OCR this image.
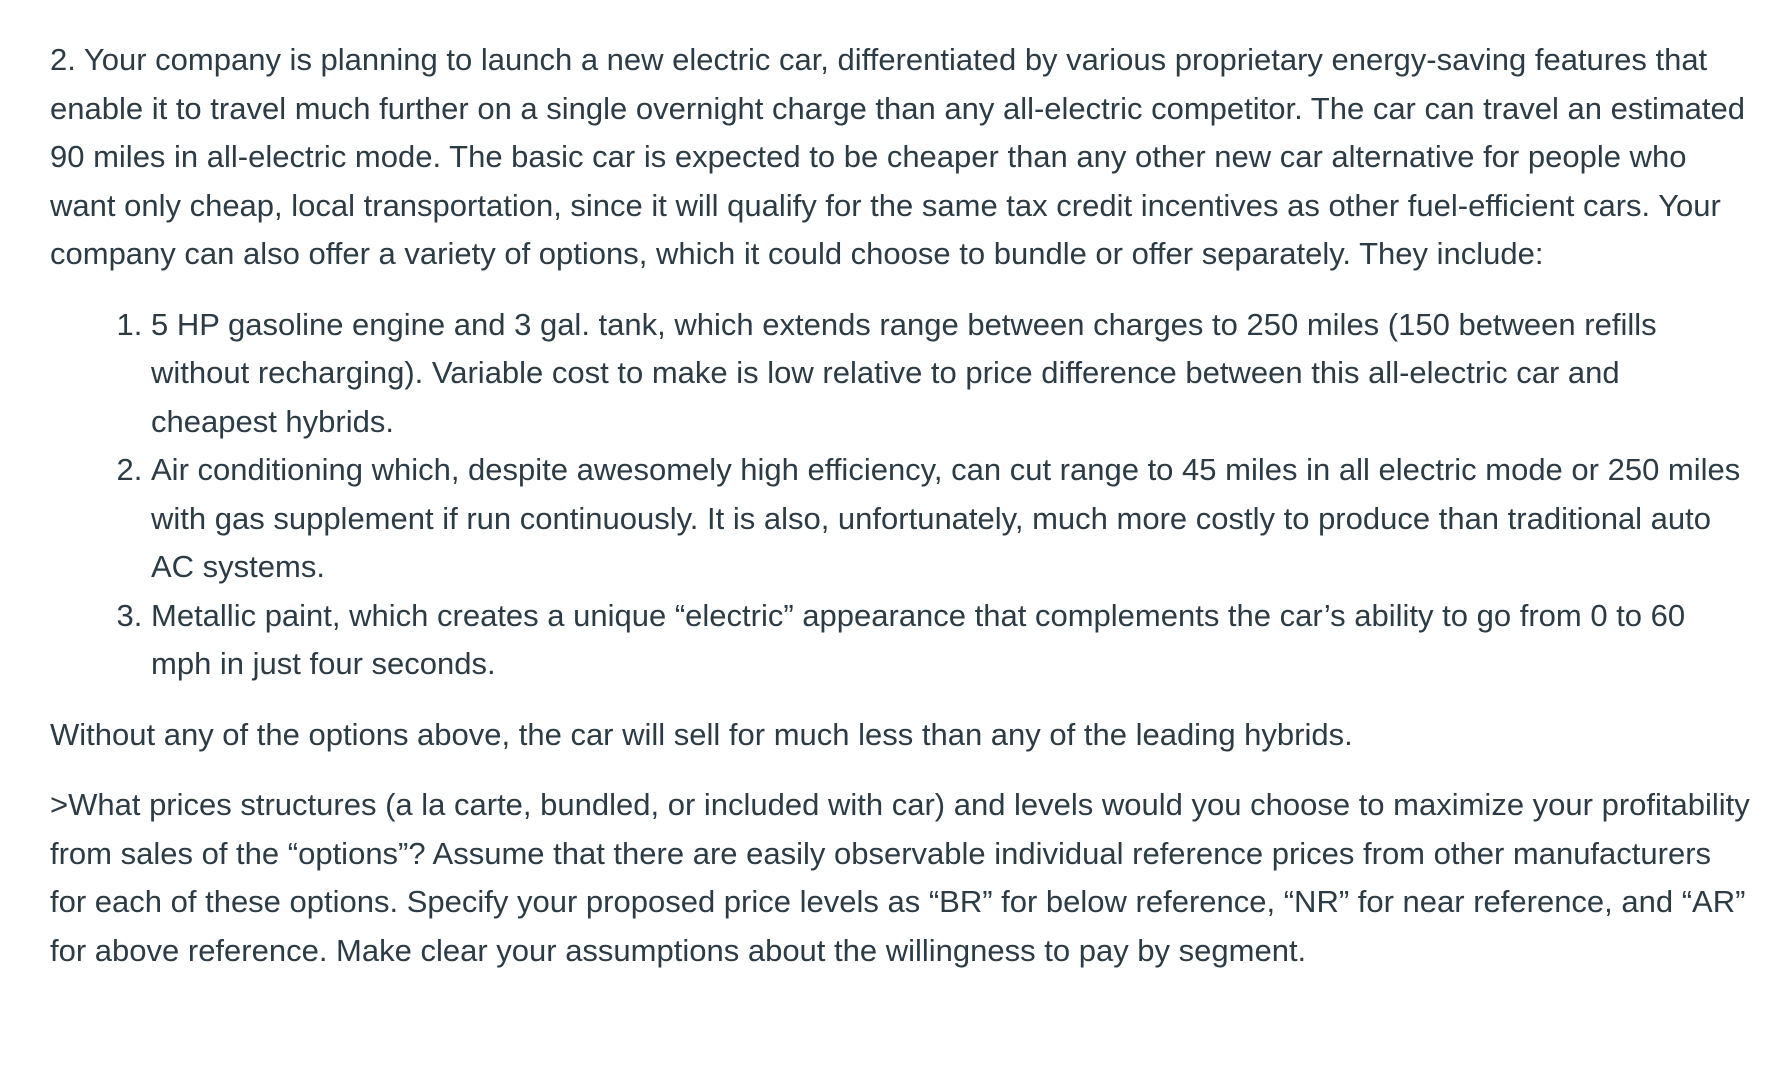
2. Your company is planning to launch a new electric car, differentiated by various proprietary energy-saving features that enable it to travel much further on a single overnight charge than any all-electric competitor. The car can travel an estimated 90 miles in all-electric mode. The basic car is expected to be cheaper than any other new car alternative for people who want only cheap, local transportation, since it will qualify for the same tax credit incentives as other fuel-efficient cars. Your company can also offer a variety of options, which it could choose to bundle or offer separately. They include:

1. 5 HP gasoline engine and 3 gal. tank, which extends range between charges to 250 miles (150 between refills without recharging). Variable cost to make is low relative to price difference between this all-electric car and cheapest hybrids.
2. Air conditioning which, despite awesomely high efficiency, can cut range to 45 miles in all electric mode or 250 miles with gas supplement if run continuously. It is also, unfortunately, much more costly to produce than traditional auto AC systems.
3. Metallic paint, which creates a unique “electric” appearance that complements the car’s ability to go from 0 to 60 mph in just four seconds.

Without any of the options above, the car will sell for much less than any of the leading hybrids.

>What prices structures (a la carte, bundled, or included with car) and levels would you choose to maximize your profitability from sales of the “options”? Assume that there are easily observable individual reference prices from other manufacturers for each of these options. Specify your proposed price levels as “BR” for below reference, “NR” for near reference, and “AR” for above reference. Make clear your assumptions about the willingness to pay by segment.
